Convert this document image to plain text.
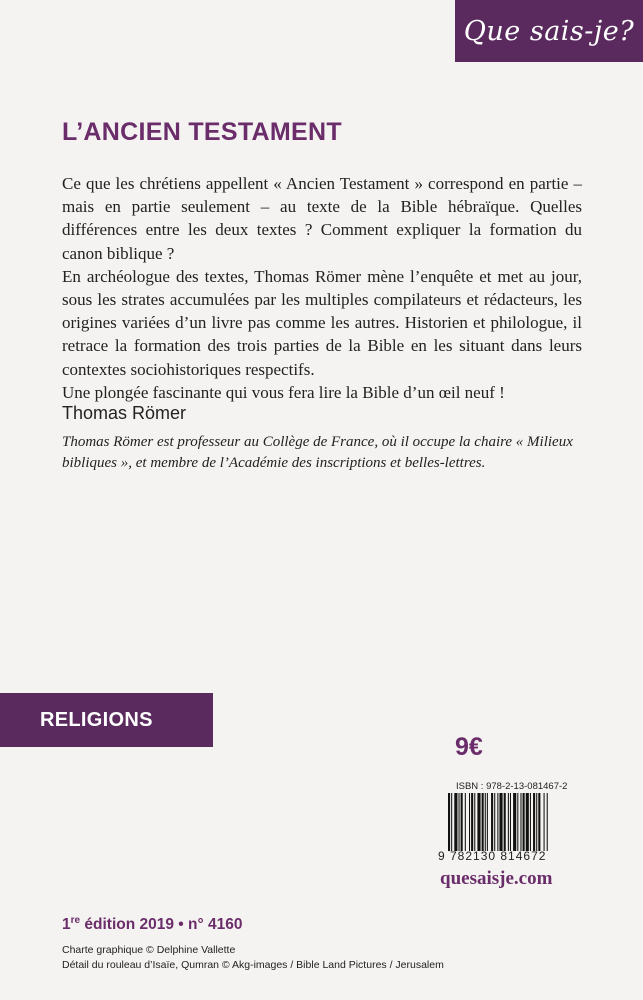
Que sais-je?
L’ANCIEN TESTAMENT

Ce que les chrétiens appellent « Ancien Testament » correspond en partie – mais en partie seulement – au texte de la Bible hébraïque. Quelles différences entre les deux textes ? Comment expliquer la formation du canon biblique ?

En archéologue des textes, Thomas Römer mène l’enquête et met au jour, sous les strates accumulées par les multiples compilateurs et rédacteurs, les origines variées d’un livre pas comme les autres. Historien et philologue, il retrace la formation des trois parties de la Bible en les situant dans leurs contextes sociohistoriques respectifs.

Une plongée fascinante qui vous fera lire la Bible d’un œil neuf !

Thomas Römer

Thomas Römer est professeur au Collège de France, où il occupe la chaire « Milieux bibliques », et membre de l’Académie des inscriptions et belles-lettres.

RELIGIONS
9€
ISBN : 978-2-13-081467-2
9 782130 814672
quesaisje.com
1re édition 2019 • n° 4160
Charte graphique © Delphine Vallette
Détail du rouleau d’Isaïe, Qumran © Akg-images / Bible Land Pictures / Jerusalem
